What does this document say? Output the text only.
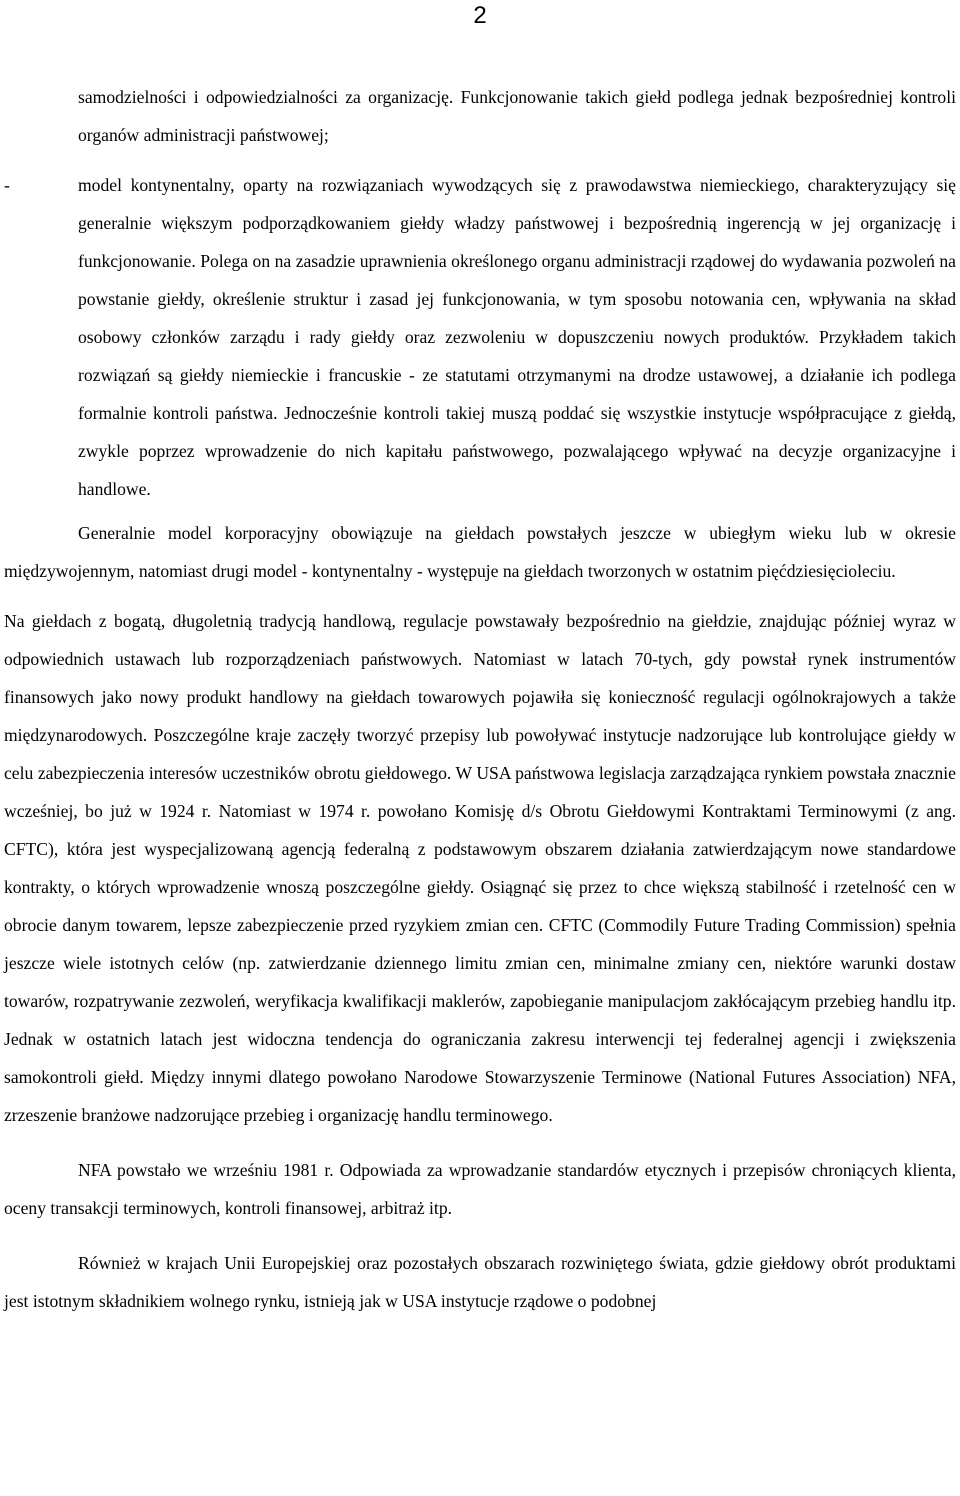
2

samodzielności i odpowiedzialności za organizację. Funkcjonowanie takich giełd podlega jednak bezpośredniej kontroli organów administracji państwowej;

-	model kontynentalny, oparty na rozwiązaniach wywodzących się z prawodawstwa niemieckiego, charakteryzujący się generalnie większym podporządkowaniem giełdy władzy państwowej i bezpośrednią ingerencją w jej organizację i funkcjonowanie. Polega on na zasadzie uprawnienia określonego organu administracji rządowej do wydawania pozwoleń na powstanie giełdy, określenie struktur i zasad jej funkcjonowania, w tym sposobu notowania cen, wpływania na skład osobowy członków zarządu i rady giełdy oraz zezwoleniu w dopuszczeniu nowych produktów. Przykładem takich rozwiązań są giełdy niemieckie i francuskie - ze statutami otrzymanymi na drodze ustawowej, a działanie ich podlega formalnie kontroli państwa. Jednocześnie kontroli takiej muszą poddać się wszystkie instytucje współpracujące z giełdą, zwykle poprzez wprowadzenie do nich kapitału państwowego, pozwalającego wpływać na decyzje organizacyjne i handlowe.

Generalnie model korporacyjny obowiązuje na giełdach powstałych jeszcze w ubiegłym wieku lub w okresie międzywojennym, natomiast drugi model - kontynentalny - występuje na giełdach tworzonych w ostatnim pięćdziesięcioleciu.

Na giełdach z bogatą, długoletnią tradycją handlową, regulacje powstawały bezpośrednio na giełdzie, znajdując później wyraz w odpowiednich ustawach lub rozporządzeniach państwowych. Natomiast w latach 70-tych, gdy powstał rynek instrumentów finansowych jako nowy produkt handlowy na giełdach towarowych pojawiła się konieczność regulacji ogólnokrajowych a także międzynarodowych. Poszczególne kraje zaczęły tworzyć przepisy lub powoływać instytucje nadzorujące lub kontrolujące giełdy w celu zabezpieczenia interesów uczestników obrotu giełdowego. W USA państwowa legislacja zarządzająca rynkiem powstała znacznie wcześniej, bo już w 1924 r. Natomiast w 1974 r. powołano Komisję d/s Obrotu Giełdowymi Kontraktami Terminowymi (z ang. CFTC), która jest wyspecjalizowaną agencją federalną z podstawowym obszarem działania zatwierdzającym nowe standardowe kontrakty, o których wprowadzenie wnoszą poszczególne giełdy. Osiągnąć się przez to chce większą stabilność i rzetelność cen w obrocie danym towarem, lepsze zabezpieczenie przed ryzykiem zmian cen. CFTC (Commodily Future Trading Commission) spełnia jeszcze wiele istotnych celów (np. zatwierdzanie dziennego limitu zmian cen, minimalne zmiany cen, niektóre warunki dostaw towarów, rozpatrywanie zezwoleń, weryfikacja kwalifikacji maklerów, zapobieganie manipulacjom zakłócającym przebieg handlu itp. Jednak w ostatnich latach jest widoczna tendencja do ograniczania zakresu interwencji tej federalnej agencji i zwiększenia samokontroli giełd. Między innymi dlatego powołano Narodowe Stowarzyszenie Terminowe (National Futures Association) NFA, zrzeszenie branżowe nadzorujące przebieg i organizację handlu terminowego.

NFA powstało we wrześniu 1981 r. Odpowiada za wprowadzanie standardów etycznych i przepisów chroniących klienta, oceny transakcji terminowych, kontroli finansowej, arbitraż itp.

Również w krajach Unii Europejskiej oraz pozostałych obszarach rozwiniętego świata, gdzie giełdowy obrót produktami jest istotnym składnikiem wolnego rynku, istnieją jak w USA instytucje rządowe o podobnej
